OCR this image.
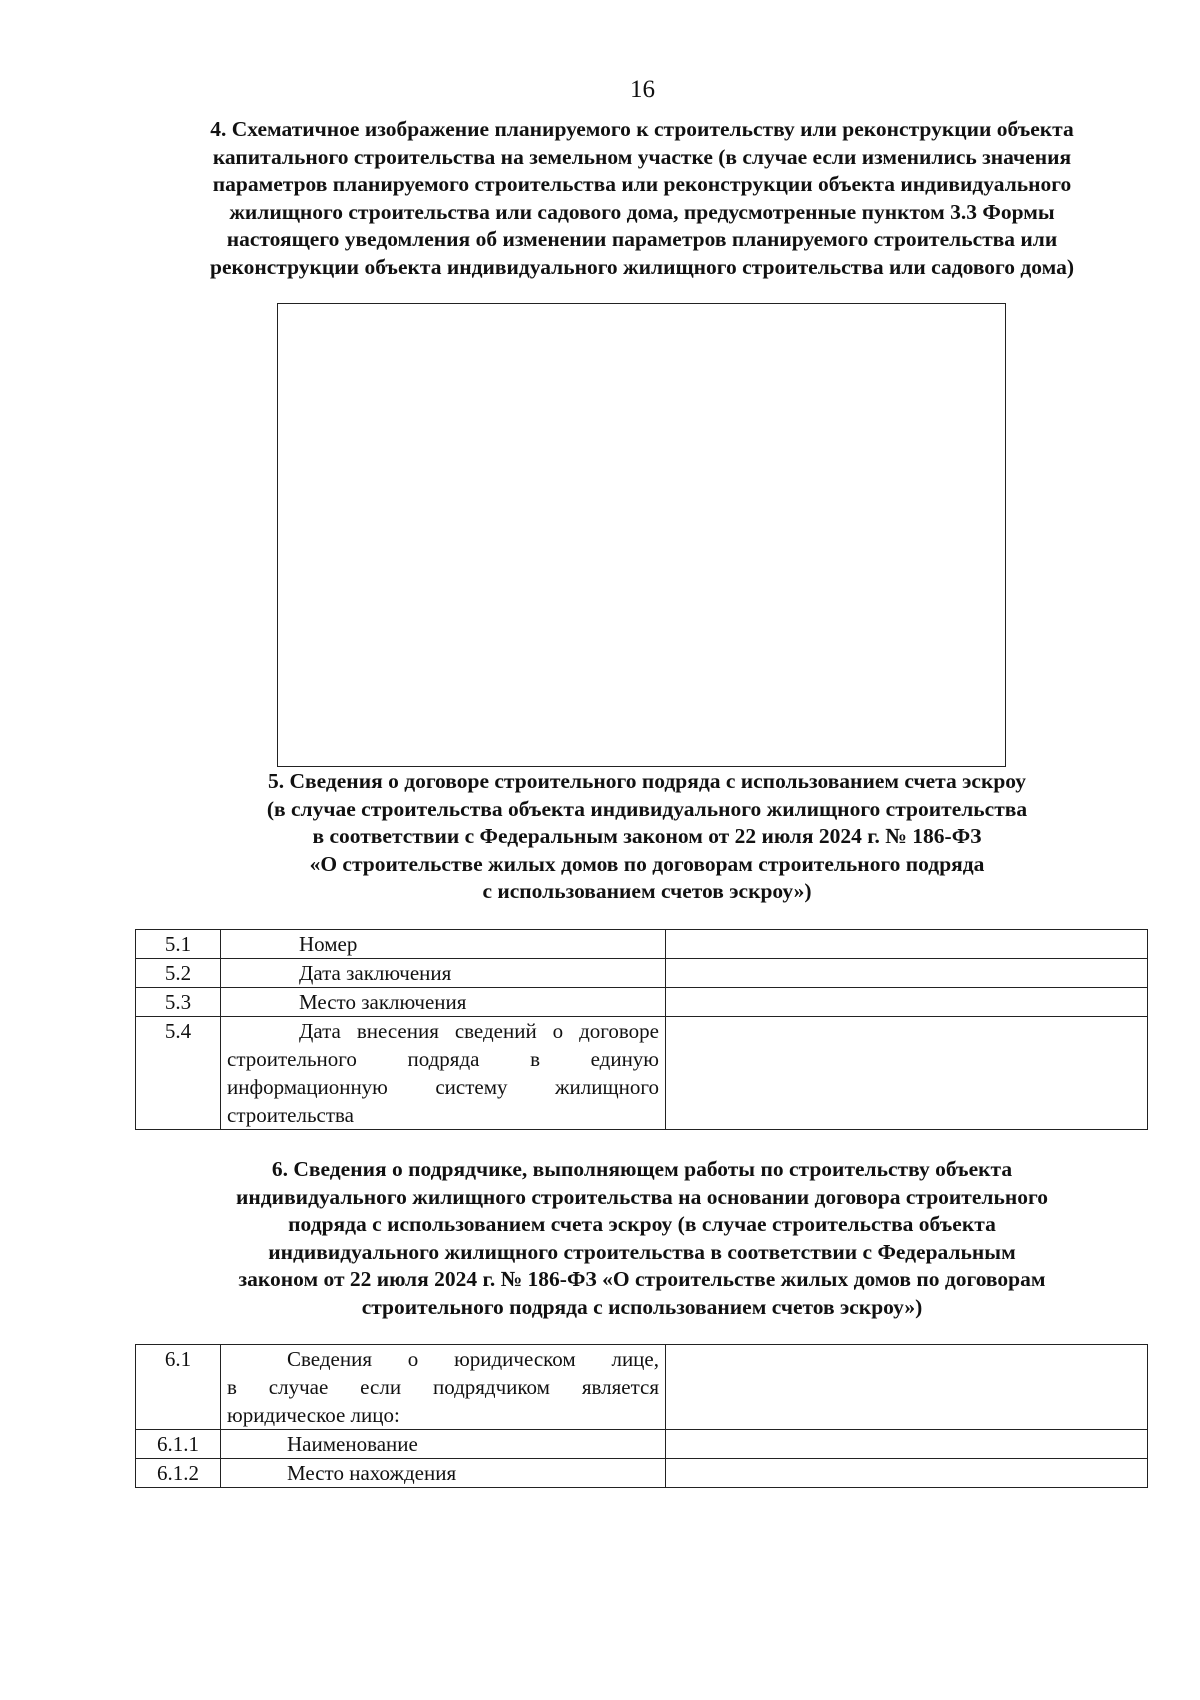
16
4. Схематичное изображение планируемого к строительству или реконструкции объекта
капитального строительства на земельном участке (в случае если изменились значения
параметров планируемого строительства или реконструкции объекта индивидуального
жилищного строительства или садового дома, предусмотренные пунктом 3.3 Формы
настоящего уведомления об изменении параметров планируемого строительства или
реконструкции объекта индивидуального жилищного строительства или садового дома)
5. Сведения о договоре строительного подряда с использованием счета эскроу
(в случае строительства объекта индивидуального жилищного строительства
в соответствии с Федеральным законом от 22 июля 2024 г. № 186-ФЗ
«О строительстве жилых домов по договорам строительного подряда
с использованием счетов эскроу»)
5.1	Номер	

5.2	Дата заключения	

5.3	Место заключения	

5.4	Дата внесения сведений о договоре
строительного подряда в единую
информационную систему жилищного
строительства	

6. Сведения о подрядчике, выполняющем работы по строительству объекта
индивидуального жилищного строительства на основании договора строительного
подряда с использованием счета эскроу (в случае строительства объекта
индивидуального жилищного строительства в соответствии с Федеральным
законом от 22 июля 2024 г. № 186-ФЗ «О строительстве жилых домов по договорам
строительного подряда с использованием счетов эскроу»)
6.1	Сведения о юридическом лице,
в случае если подрядчиком является
юридическое лицо:	

6.1.1	Наименование	

6.1.2	Место нахождения	
